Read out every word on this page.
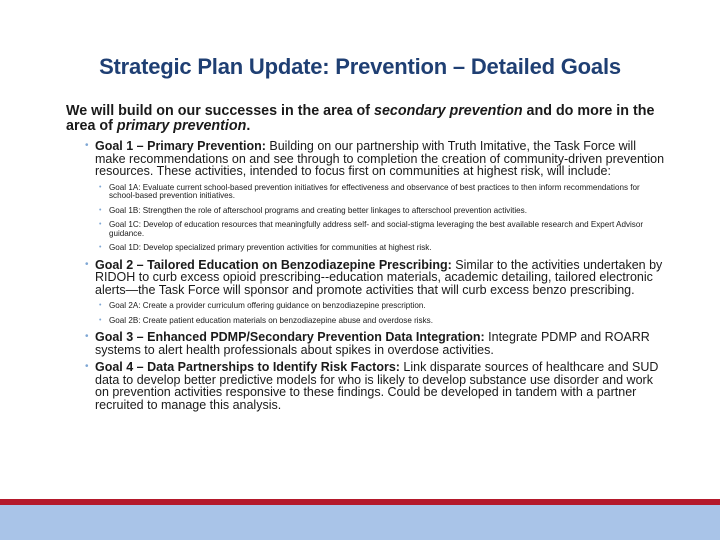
Strategic Plan Update: Prevention – Detailed Goals

We will build on our successes in the area of secondary prevention and do more in the area of primary prevention.

• Goal 1 – Primary Prevention: Building on our partnership with Truth Imitative, the Task Force will make recommendations on and see through to completion the creation of community-driven prevention resources. These activities, intended to focus first on communities at highest risk, will include:
• Goal 1A: Evaluate current school-based prevention initiatives for effectiveness and observance of best practices to then inform recommendations for school-based prevention initiatives.
• Goal 1B: Strengthen the role of afterschool programs and creating better linkages to afterschool prevention activities.
• Goal 1C: Develop of education resources that meaningfully address self- and social-stigma leveraging the best available research and Expert Advisor guidance.
• Goal 1D: Develop specialized primary prevention activities for communities at highest risk.
• Goal 2 – Tailored Education on Benzodiazepine Prescribing: Similar to the activities undertaken by RIDOH to curb excess opioid prescribing--education materials, academic detailing, tailored electronic alerts—the Task Force will sponsor and promote activities that will curb excess benzo prescribing.
• Goal 2A: Create a provider curriculum offering guidance on benzodiazepine prescription.
• Goal 2B: Create patient education materials on benzodiazepine abuse and overdose risks.
• Goal 3 – Enhanced PDMP/Secondary Prevention Data Integration: Integrate PDMP and ROARR systems to alert health professionals about spikes in overdose activities.
• Goal 4 – Data Partnerships to Identify Risk Factors: Link disparate sources of healthcare and SUD data to develop better predictive models for who is likely to develop substance use disorder and work on prevention activities responsive to these findings. Could be developed in tandem with a partner recruited to manage this analysis.
